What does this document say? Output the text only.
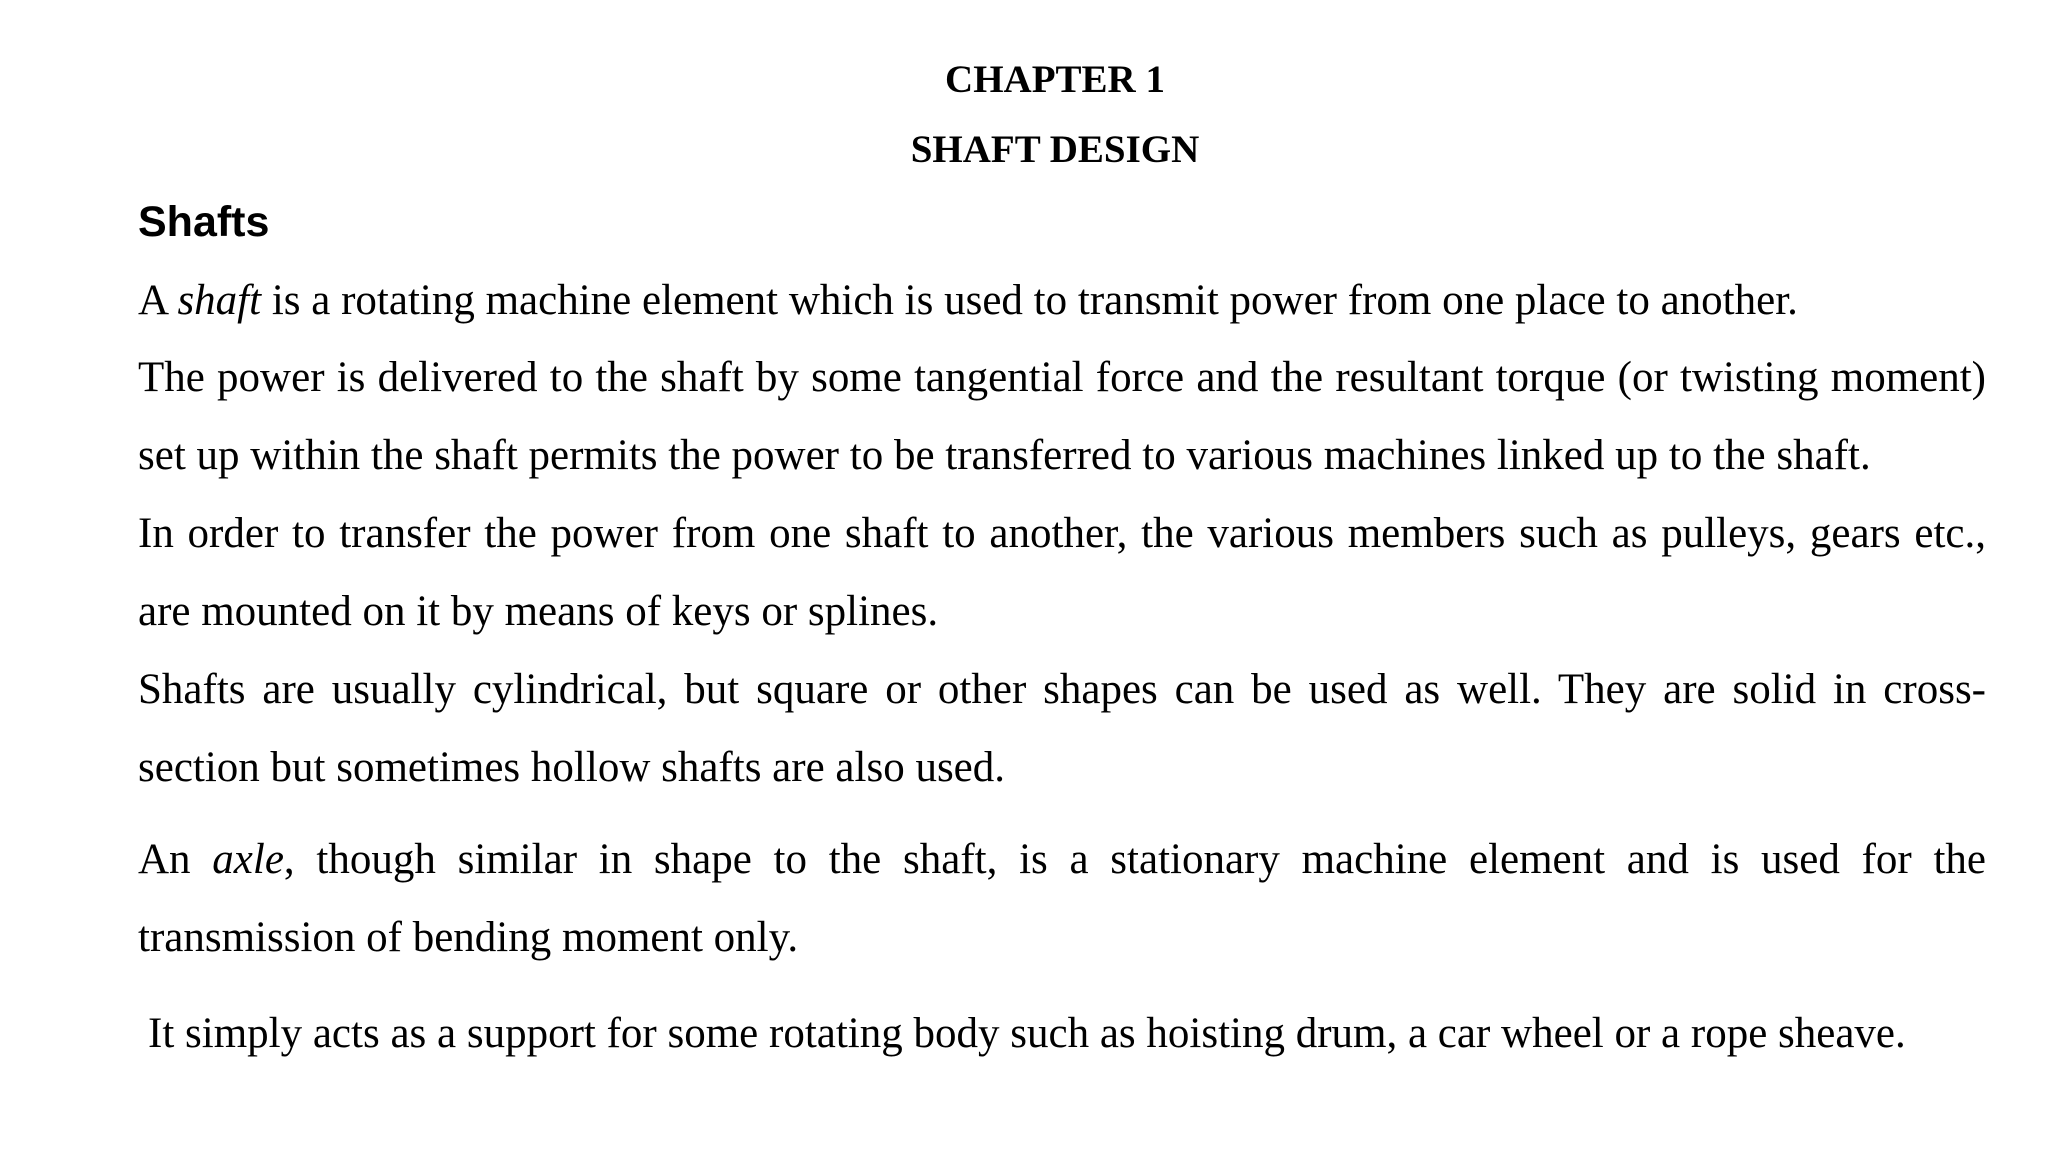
CHAPTER 1
SHAFT DESIGN
Shafts

A shaft is a rotating machine element which is used to transmit power from one place to another.

The power is delivered to the shaft by some tangential force and the resultant torque (or twisting moment) set up within the shaft permits the power to be transferred to various machines linked up to the shaft.

In order to transfer the power from one shaft to another, the various members such as pulleys, gears etc., are mounted on it by means of keys or splines.

Shafts are usually cylindrical, but square or other shapes can be used as well. They are solid in cross-section but sometimes hollow shafts are also used.

An axle, though similar in shape to the shaft, is a stationary machine element and is used for the transmission of bending moment only.

It simply acts as a support for some rotating body such as hoisting drum, a car wheel or a rope sheave.
